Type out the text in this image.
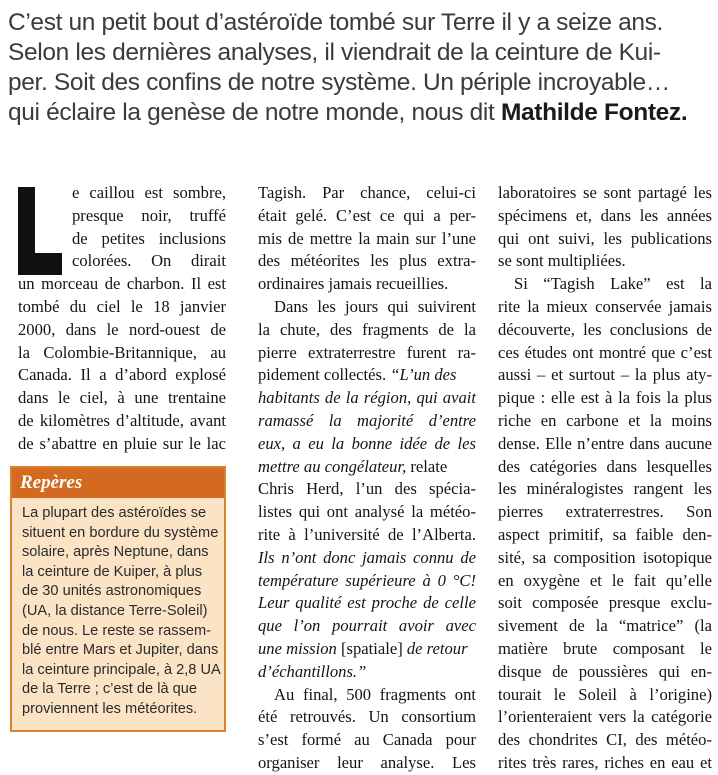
C’est un petit bout d’astéroïde tombé sur Terre il y a seize ans.
Selon les dernières analyses, il viendrait de la ceinture de Kui-
per. Soit des confins de notre système. Un périple incroyable…
qui éclaire la genèse de notre monde, nous dit Mathilde Fontez.
e caillou est sombre,
presque noir, truffé
de petites inclusions
colorées. On dirait
un morceau de charbon. Il est
tombé du ciel le 18 janvier
2000, dans le nord-ouest de
la Colombie-Britannique, au
Canada. Il a d’abord explosé
dans le ciel, à une trentaine
de kilomètres d’altitude, avant
de s’abattre en pluie sur le lac
Repères
La plupart des astéroïdes se
situent en bordure du système
solaire, après Neptune, dans
la ceinture de Kuiper, à plus
de 30 unités astronomiques
(UA, la distance Terre-Soleil)
de nous. Le reste se rassem-
blé entre Mars et Jupiter, dans
la ceinture principale, à 2,8 UA
de la Terre ; c’est de là que
proviennent les météorites.
Tagish. Par chance, celui-ci
était gelé. C’est ce qui a per-
mis de mettre la main sur l’une
des météorites les plus extra-
ordinaires jamais recueillies.
Dans les jours qui suivirent
la chute, des fragments de la
pierre extraterrestre furent ra-
pidement collectés. “L’un des
habitants de la région, qui avait
ramassé la majorité d’entre
eux, a eu la bonne idée de les
mettre au congélateur, relate
Chris Herd, l’un des spécia-
listes qui ont analysé la météo-
rite à l’université de l’Alberta.
Ils n’ont donc jamais connu de
température supérieure à 0 °C!
Leur qualité est proche de celle
que l’on pourrait avoir avec
une mission [spatiale] de retour
d’échantillons.”
Au final, 500 fragments ont
été retrouvés. Un consortium
s’est formé au Canada pour
organiser leur analyse. Les
laboratoires se sont partagé les
spécimens et, dans les années
qui ont suivi, les publications
se sont multipliées.
Si “Tagish Lake” est la
rite la mieux conservée jamais
découverte, les conclusions de
ces études ont montré que c’est
aussi – et surtout – la plus aty-
pique : elle est à la fois la plus
riche en carbone et la moins
dense. Elle n’entre dans aucune
des catégories dans lesquelles
les minéralogistes rangent les
pierres extraterrestres. Son
aspect primitif, sa faible den-
sité, sa composition isotopique
en oxygène et le fait qu’elle
soit composée presque exclu-
sivement de la “matrice” (la
matière brute composant le
disque de poussières qui en-
tourait le Soleil à l’origine)
l’orienteraient vers la catégorie
des chondrites CI, des météo-
rites très rares, riches en eau et
